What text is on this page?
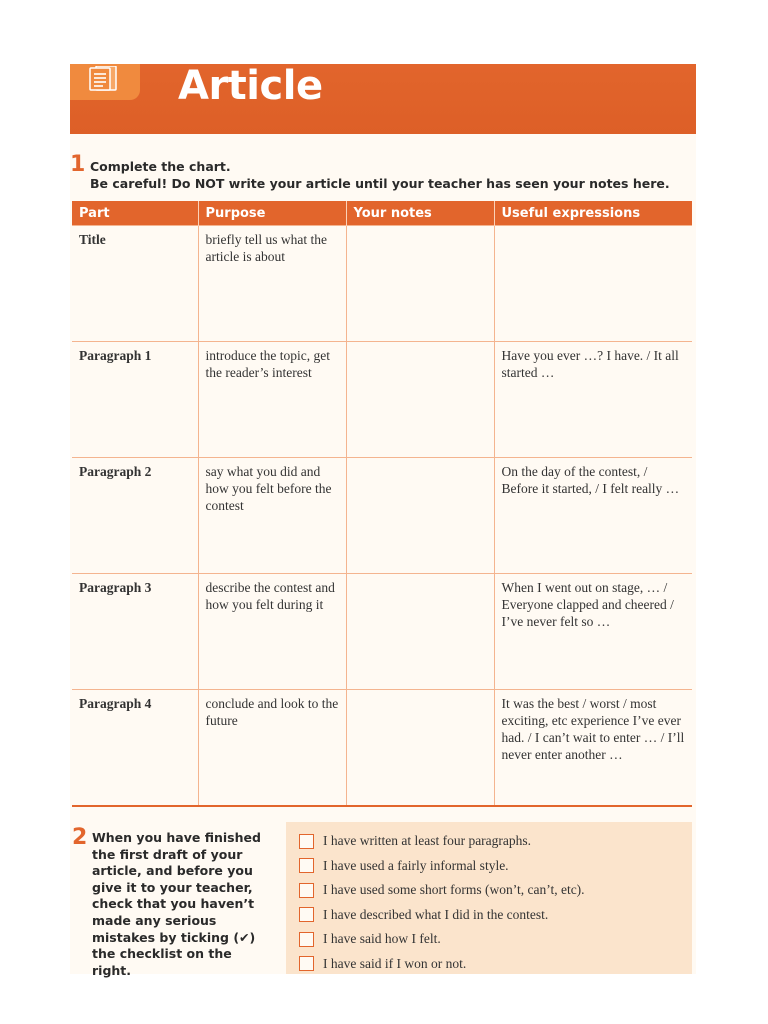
Article
1 Complete the chart.
Be careful! Do NOT write your article until your teacher has seen your notes here.
Part	Purpose	Your notes	Useful expressions
Title	briefly tell us what the article is about		
Paragraph 1	introduce the topic, get the reader’s interest		Have you ever …? I have. / It all started …
Paragraph 2	say what you did and how you felt before the contest		On the day of the contest, / Before it started, / I felt really …
Paragraph 3	describe the contest and how you felt during it		When I went out on stage, … / Everyone clapped and cheered / I’ve never felt so …
Paragraph 4	conclude and look to the future		It was the best / worst / most exciting, etc experience I’ve ever had. / I can’t wait to enter … / I’ll never enter another …
2 When you have finished the first draft of your article, and before you give it to your teacher, check that you haven’t made any serious mistakes by ticking (✔) the checklist on the right.
I have written at least four paragraphs.
I have used a fairly informal style.
I have used some short forms (won’t, can’t, etc).
I have described what I did in the contest.
I have said how I felt.
I have said if I won or not.
